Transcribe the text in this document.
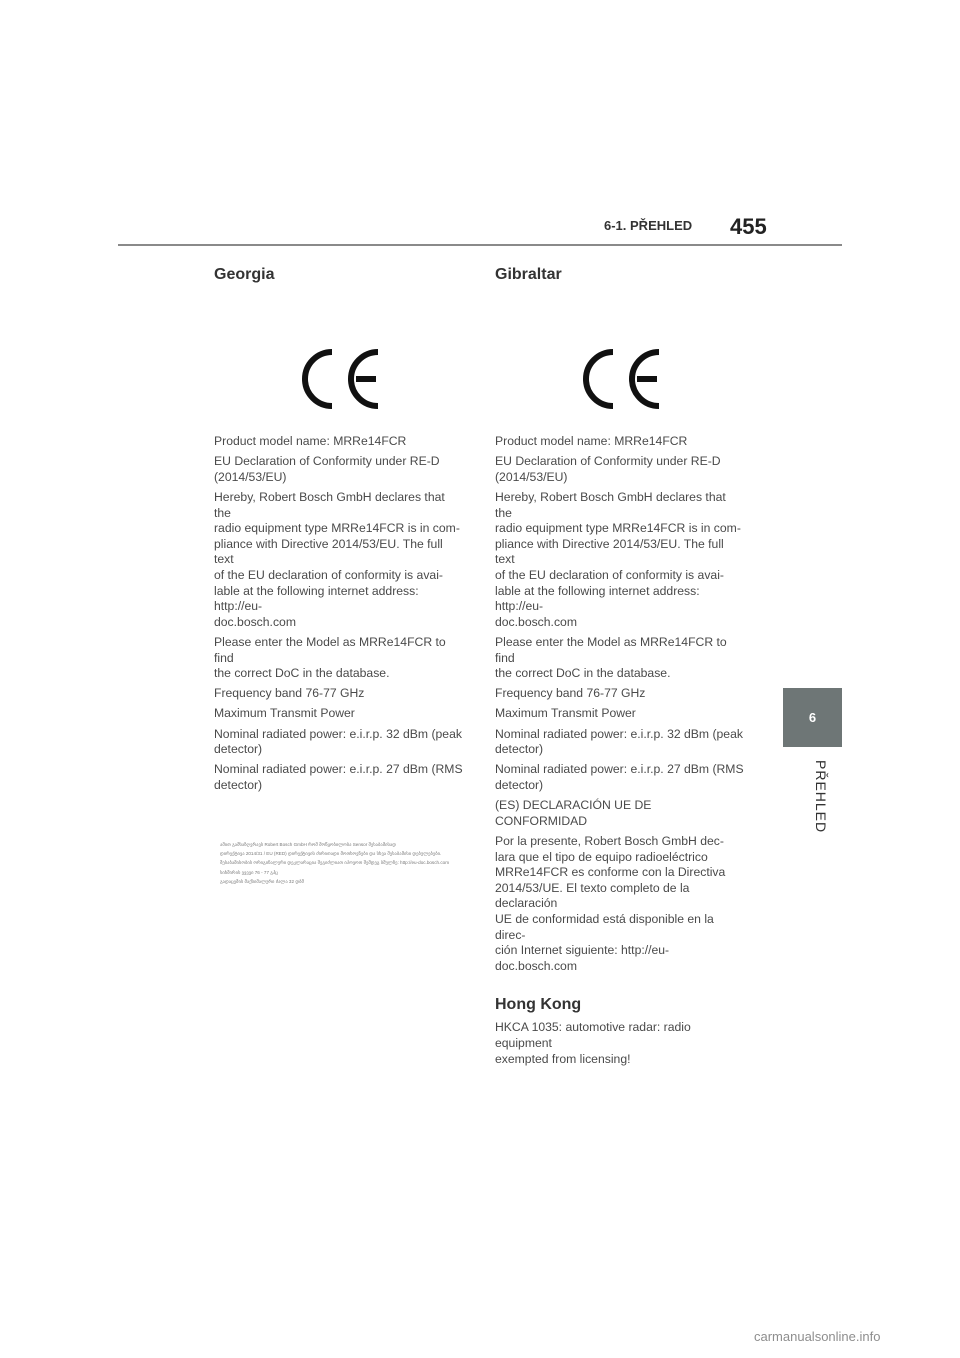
6-1. PŘEHLED 455
6
PŘEHLED
Georgia

Product model name: MRRe14FCR

EU Declaration of Conformity under RE-D
(2014/53/EU)

Hereby, Robert Bosch GmbH declares that the
radio equipment type MRRe14FCR is in com-
pliance with Directive 2014/53/EU. The full text
of the EU declaration of conformity is avai-
lable at the following internet address: http://eu-
doc.bosch.com

Please enter the Model as MRRe14FCR to find
the correct DoC in the database.

Frequency band 76-77 GHz

Maximum Transmit Power

Nominal radiated power: e.i.r.p. 32 dBm (peak
detector)

Nominal radiated power: e.i.r.p. 27 dBm (RMS
detector)

ამით გამსაზღვრავს Robert Bosch GmbH რომ მოწყობილობა Sensor შესაბამისად
დირექტივა 2014/31 / EU (RED) დირექტივის ძირითადი მოთხოვნები და სხვა შესაბამისი დებულებები.
შესაბამისობის ორიგინალური დეკლარაცია შეგიძლიათ იპოვოთ შემდეგ ბმულზე: http://eu-doc.bosch.com
სიხშირის ვვვვი 76 - 77 გჰც
გადაცემის მაქსიმალური ძალა 32 დბმ
Gibraltar

Product model name: MRRe14FCR

EU Declaration of Conformity under RE-D
(2014/53/EU)

Hereby, Robert Bosch GmbH declares that the
radio equipment type MRRe14FCR is in com-
pliance with Directive 2014/53/EU. The full text
of the EU declaration of conformity is avai-
lable at the following internet address: http://eu-
doc.bosch.com

Please enter the Model as MRRe14FCR to find
the correct DoC in the database.

Frequency band 76-77 GHz

Maximum Transmit Power

Nominal radiated power: e.i.r.p. 32 dBm (peak
detector)

Nominal radiated power: e.i.r.p. 27 dBm (RMS
detector)

(ES) DECLARACIÓN UE DE CONFORMIDAD

Por la presente, Robert Bosch GmbH dec-
lara que el tipo de equipo radioeléctrico
MRRe14FCR es conforme con la Directiva
2014/53/UE. El texto completo de la declaración
UE de conformidad está disponible en la direc-
ción Internet siguiente: http://eu-doc.bosch.com

Hong Kong

HKCA 1035: automotive radar: radio equipment
exempted from licensing!

carmanualsonline.info
